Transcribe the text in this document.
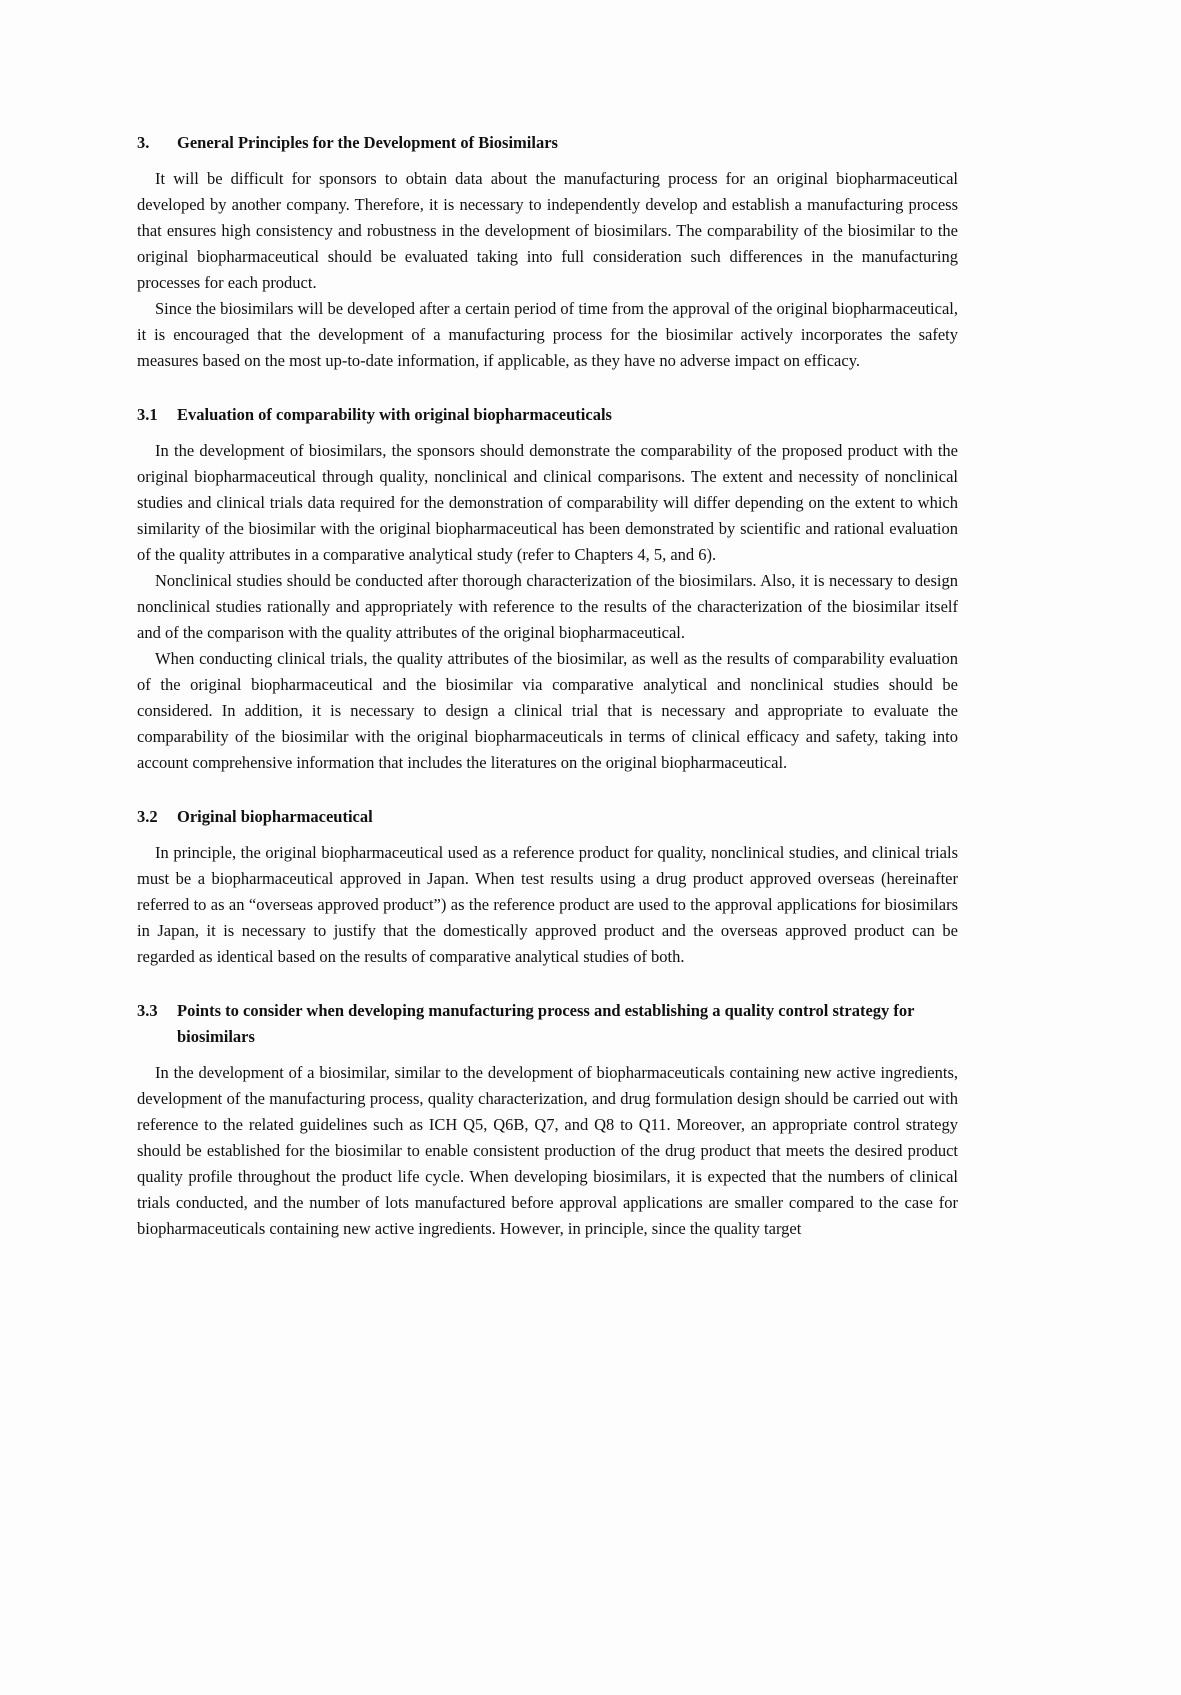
3. General Principles for the Development of Biosimilars

It will be difficult for sponsors to obtain data about the manufacturing process for an original biopharmaceutical developed by another company. Therefore, it is necessary to independently develop and establish a manufacturing process that ensures high consistency and robustness in the development of biosimilars. The comparability of the biosimilar to the original biopharmaceutical should be evaluated taking into full consideration such differences in the manufacturing processes for each product.

Since the biosimilars will be developed after a certain period of time from the approval of the original biopharmaceutical, it is encouraged that the development of a manufacturing process for the biosimilar actively incorporates the safety measures based on the most up-to-date information, if applicable, as they have no adverse impact on efficacy.

3.1 Evaluation of comparability with original biopharmaceuticals

In the development of biosimilars, the sponsors should demonstrate the comparability of the proposed product with the original biopharmaceutical through quality, nonclinical and clinical comparisons. The extent and necessity of nonclinical studies and clinical trials data required for the demonstration of comparability will differ depending on the extent to which similarity of the biosimilar with the original biopharmaceutical has been demonstrated by scientific and rational evaluation of the quality attributes in a comparative analytical study (refer to Chapters 4, 5, and 6).

Nonclinical studies should be conducted after thorough characterization of the biosimilars. Also, it is necessary to design nonclinical studies rationally and appropriately with reference to the results of the characterization of the biosimilar itself and of the comparison with the quality attributes of the original biopharmaceutical.

When conducting clinical trials, the quality attributes of the biosimilar, as well as the results of comparability evaluation of the original biopharmaceutical and the biosimilar via comparative analytical and nonclinical studies should be considered. In addition, it is necessary to design a clinical trial that is necessary and appropriate to evaluate the comparability of the biosimilar with the original biopharmaceuticals in terms of clinical efficacy and safety, taking into account comprehensive information that includes the literatures on the original biopharmaceutical.

3.2 Original biopharmaceutical

In principle, the original biopharmaceutical used as a reference product for quality, nonclinical studies, and clinical trials must be a biopharmaceutical approved in Japan. When test results using a drug product approved overseas (hereinafter referred to as an “overseas approved product”) as the reference product are used to the approval applications for biosimilars in Japan, it is necessary to justify that the domestically approved product and the overseas approved product can be regarded as identical based on the results of comparative analytical studies of both.

3.3 Points to consider when developing manufacturing process and establishing a quality control strategy for biosimilars

In the development of a biosimilar, similar to the development of biopharmaceuticals containing new active ingredients, development of the manufacturing process, quality characterization, and drug formulation design should be carried out with reference to the related guidelines such as ICH Q5, Q6B, Q7, and Q8 to Q11. Moreover, an appropriate control strategy should be established for the biosimilar to enable consistent production of the drug product that meets the desired product quality profile throughout the product life cycle. When developing biosimilars, it is expected that the numbers of clinical trials conducted, and the number of lots manufactured before approval applications are smaller compared to the case for biopharmaceuticals containing new active ingredients. However, in principle, since the quality target
